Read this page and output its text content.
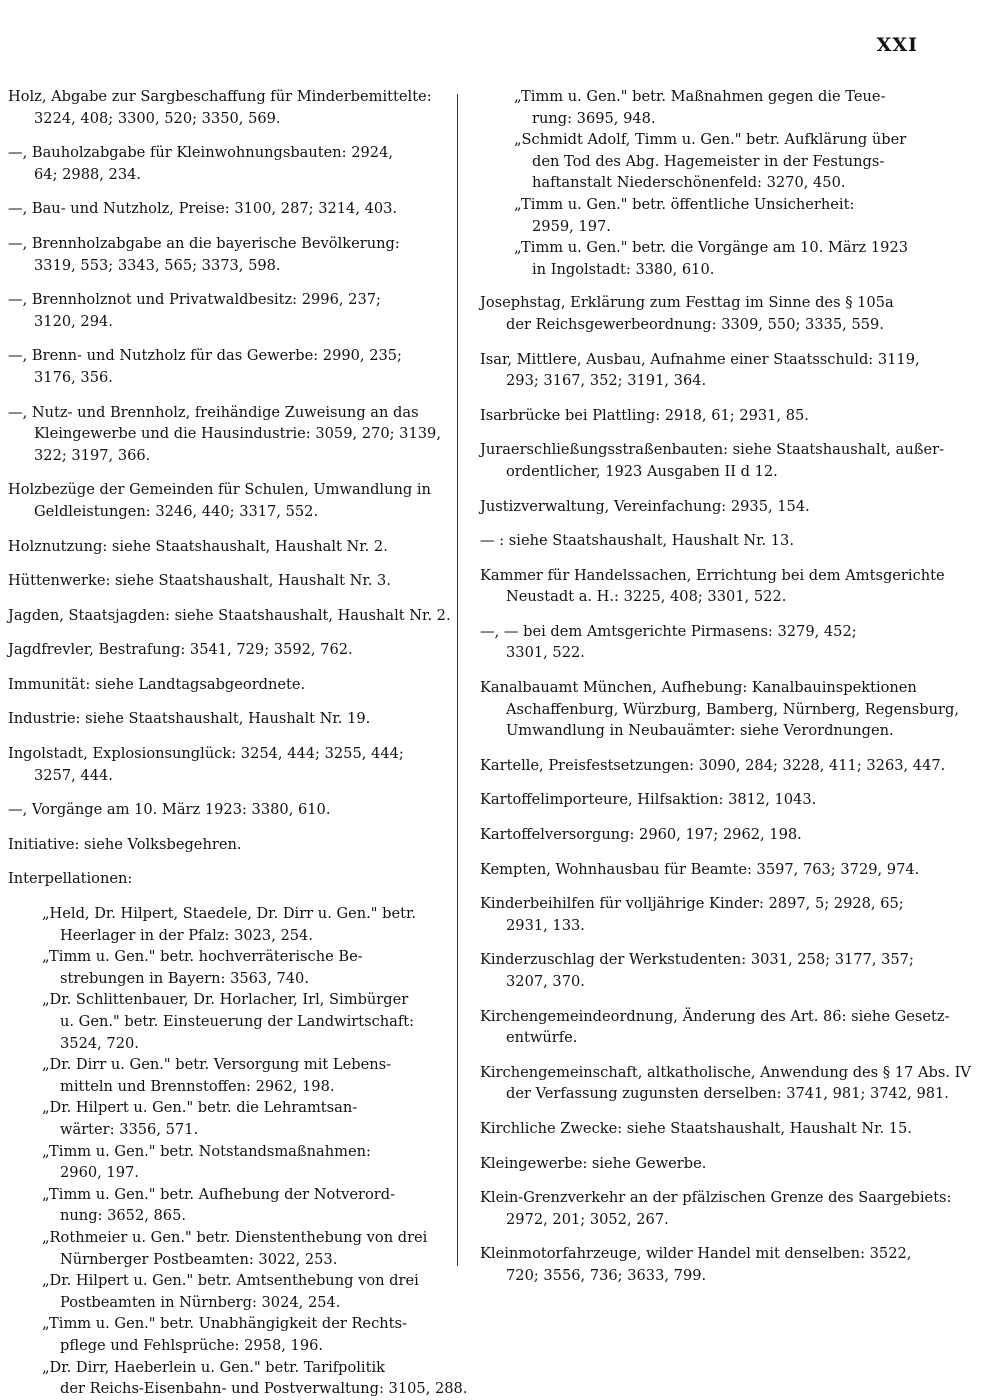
XXI
Holz, Abgabe zur Sargbeschaffung für Minderbemittelte:
3224, 408; 3300, 520; 3350, 569.
—, Bauholzabgabe für Kleinwohnungsbauten: 2924,
64; 2988, 234.
—, Bau- und Nutzholz, Preise: 3100, 287; 3214, 403.
—, Brennholzabgabe an die bayerische Bevölkerung:
3319, 553; 3343, 565; 3373, 598.
—, Brennholznot und Privatwaldbesitz: 2996, 237;
3120, 294.
—, Brenn- und Nutzholz für das Gewerbe: 2990, 235;
3176, 356.
—, Nutz- und Brennholz, freihändige Zuweisung an das
Kleingewerbe und die Hausindustrie: 3059, 270; 3139,
322; 3197, 366.
Holzbezüge der Gemeinden für Schulen, Umwandlung in
Geldleistungen: 3246, 440; 3317, 552.
Holznutzung: siehe Staatshaushalt, Haushalt Nr. 2.
Hüttenwerke: siehe Staatshaushalt, Haushalt Nr. 3.
Jagden, Staatsjagden: siehe Staatshaushalt, Haushalt Nr. 2.
Jagdfrevler, Bestrafung: 3541, 729; 3592, 762.
Immunität: siehe Landtagsabgeordnete.
Industrie: siehe Staatshaushalt, Haushalt Nr. 19.
Ingolstadt, Explosionsunglück: 3254, 444; 3255, 444;
3257, 444.
—, Vorgänge am 10. März 1923: 3380, 610.
Initiative: siehe Volksbegehren.
Interpellationen:
„Held, Dr. Hilpert, Staedele, Dr. Dirr u. Gen." betr.
Heerlager in der Pfalz: 3023, 254.
„Timm u. Gen." betr. hochverräterische Be-
strebungen in Bayern: 3563, 740.
„Dr. Schlittenbauer, Dr. Horlacher, Irl, Simbürger
u. Gen." betr. Einsteuerung der Landwirtschaft:
3524, 720.
„Dr. Dirr u. Gen." betr. Versorgung mit Lebens-
mitteln und Brennstoffen: 2962, 198.
„Dr. Hilpert u. Gen." betr. die Lehramtsan-
wärter: 3356, 571.
„Timm u. Gen." betr. Notstandsmaßnahmen:
2960, 197.
„Timm u. Gen." betr. Aufhebung der Notverord-
nung: 3652, 865.
„Rothmeier u. Gen." betr. Dienstenthebung von drei
Nürnberger Postbeamten: 3022, 253.
„Dr. Hilpert u. Gen." betr. Amtsenthebung von drei
Postbeamten in Nürnberg: 3024, 254.
„Timm u. Gen." betr. Unabhängigkeit der Rechts-
pflege und Fehlsprüche: 2958, 196.
„Dr. Dirr, Haeberlein u. Gen." betr. Tarifpolitik
der Reichs-Eisenbahn- und Postverwaltung: 3105, 288.
„Timm u. Gen." betr. Maßnahmen gegen die Teue-
rung: 3695, 948.
„Schmidt Adolf, Timm u. Gen." betr. Aufklärung über
den Tod des Abg. Hagemeister in der Festungs-
haftanstalt Niederschönenfeld: 3270, 450.
„Timm u. Gen." betr. öffentliche Unsicherheit:
2959, 197.
„Timm u. Gen." betr. die Vorgänge am 10. März 1923
in Ingolstadt: 3380, 610.
Josephstag, Erklärung zum Festtag im Sinne des § 105a
der Reichsgewerbeordnung: 3309, 550; 3335, 559.
Isar, Mittlere, Ausbau, Aufnahme einer Staatsschuld: 3119,
293; 3167, 352; 3191, 364.
Isarbrücke bei Plattling: 2918, 61; 2931, 85.
Juraerschließungsstraßenbauten: siehe Staatshaushalt, außer-
ordentlicher, 1923 Ausgaben II d 12.
Justizverwaltung, Vereinfachung: 2935, 154.
— : siehe Staatshaushalt, Haushalt Nr. 13.
Kammer für Handelssachen, Errichtung bei dem Amtsgerichte
Neustadt a. H.: 3225, 408; 3301, 522.
—, — bei dem Amtsgerichte Pirmasens: 3279, 452;
3301, 522.
Kanalbauamt München, Aufhebung: Kanalbauinspektionen
Aschaffenburg, Würzburg, Bamberg, Nürnberg, Regensburg,
Umwandlung in Neubauämter: siehe Verordnungen.
Kartelle, Preisfestsetzungen: 3090, 284; 3228, 411; 3263, 447.
Kartoffelimporteure, Hilfsaktion: 3812, 1043.
Kartoffelversorgung: 2960, 197; 2962, 198.
Kempten, Wohnhausbau für Beamte: 3597, 763; 3729, 974.
Kinderbeihilfen für volljährige Kinder: 2897, 5; 2928, 65;
2931, 133.
Kinderzuschlag der Werkstudenten: 3031, 258; 3177, 357;
3207, 370.
Kirchengemeindeordnung, Änderung des Art. 86: siehe Gesetz-
entwürfe.
Kirchengemeinschaft, altkatholische, Anwendung des § 17 Abs. IV
der Verfassung zugunsten derselben: 3741, 981; 3742, 981.
Kirchliche Zwecke: siehe Staatshaushalt, Haushalt Nr. 15.
Kleingewerbe: siehe Gewerbe.
Klein-Grenzverkehr an der pfälzischen Grenze des Saargebiets:
2972, 201; 3052, 267.
Kleinmotorfahrzeuge, wilder Handel mit denselben: 3522,
720; 3556, 736; 3633, 799.
